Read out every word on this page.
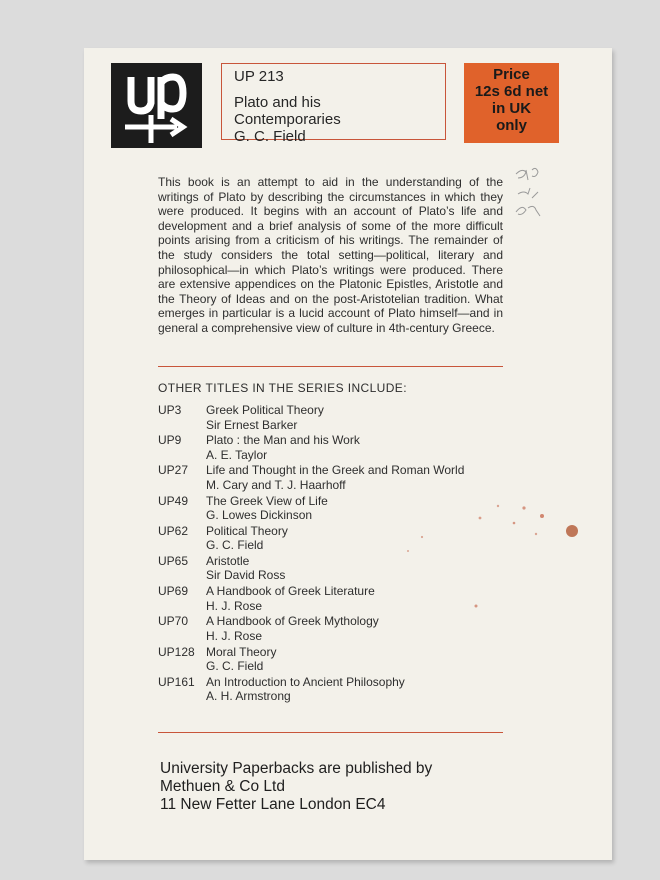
UP 213
Plato and his
Contemporaries
G. C. Field
Price
12s 6d net
in UK
only

This book is an attempt to aid in the understanding of the writings of Plato by describing the circumstances in which they were produced. It begins with an account of Plato’s life and development and a brief analysis of some of the more difficult points arising from a criticism of his writings. The remainder of the study considers the total setting—political, literary and philosophical—in which Plato’s writings were produced. There are extensive appendices on the Platonic Epistles, Aristotle and the Theory of Ideas and on the post-Aristotelian tradition. What emerges in particular is a lucid account of Plato himself—and in general a comprehensive view of culture in 4th-century Greece.

OTHER TITLES IN THE SERIES INCLUDE:
UP3 Greek Political Theory
Sir Ernest Barker
UP9 Plato : the Man and his Work
A. E. Taylor
UP27 Life and Thought in the Greek and Roman World
M. Cary and T. J. Haarhoff
UP49 The Greek View of Life
G. Lowes Dickinson
UP62 Political Theory
G. C. Field
UP65 Aristotle
Sir David Ross
UP69 A Handbook of Greek Literature
H. J. Rose
UP70 A Handbook of Greek Mythology
H. J. Rose
UP128 Moral Theory
G. C. Field
UP161 An Introduction to Ancient Philosophy
A. H. Armstrong
University Paperbacks are published by
Methuen & Co Ltd
11 New Fetter Lane London EC4
